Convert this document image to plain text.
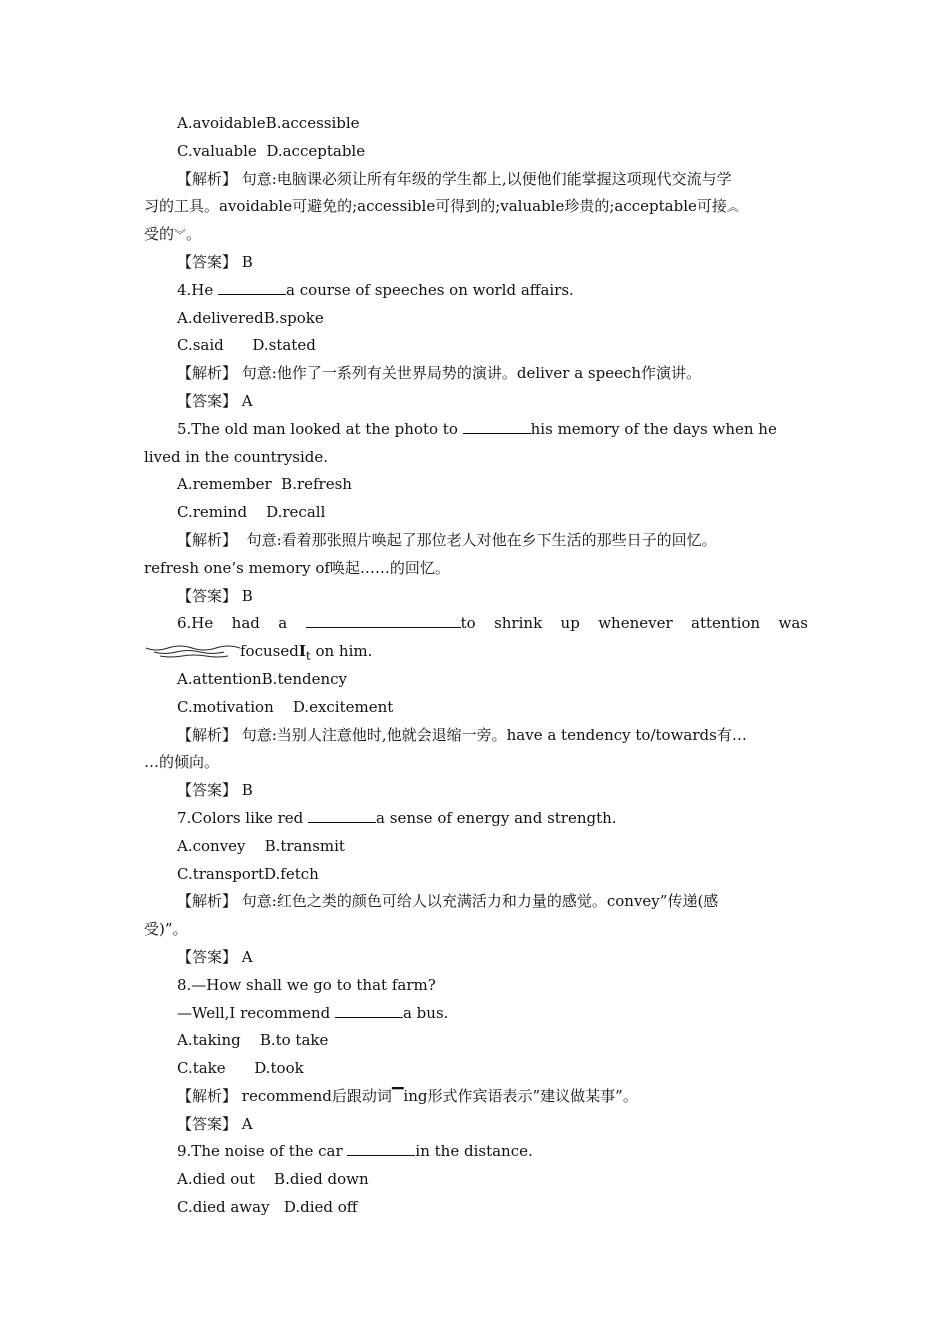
A.avoidableB.accessible
C.valuable D.acceptable
【解析】 句意:电脑课必须让所有年级的学生都上,以便他们能掌握这项现代交流与学
习的工具。avoidable可避免的;accessible可得到的;valuable珍贵的;acceptable可接︽
受的︾。
【答案】 B
4.He	a course of speeches on world affairs.
A.deliveredB.spoke
C.said D.stated
【解析】 句意:他作了一系列有关世界局势的演讲。deliver a speech作演讲。
【答案】 A
5.The old man looked at the photo to	his memory of the days when he
lived in the countryside.
A.remember B.refresh
C.remind D.recall
【解析】 句意:看着那张照片唤起了那位老人对他在乡下生活的那些日子的回忆。
refresh one’s memory of唤起……的回忆。
【答案】 B
6.He had a	to shrink up whenever attention was
focusedI$_t$ on him.
A.attentionB.tendency
C.motivation D.excitement
【解析】 句意:当别人注意他时,他就会退缩一旁。have a tendency to/towards有…
…的倾向。
【答案】 B
7.Colors like red	a sense of energy and strength.
A.convey B.transmit
C.transportD.fetch
【解析】 句意:红色之类的颜色可给人以充满活力和力量的感觉。convey”传递(感
受)”。
【答案】 A
8.—How shall we go to that farm?
—Well,I recommend	a bus.
A.taking B.to take
C.take D.took
【解析】 recommend后跟动词▔ing形式作宾语表示”建议做某事”。
【答案】 A
9.The noise of the car	in the distance.
A.died out B.died down
C.died away D.died off
